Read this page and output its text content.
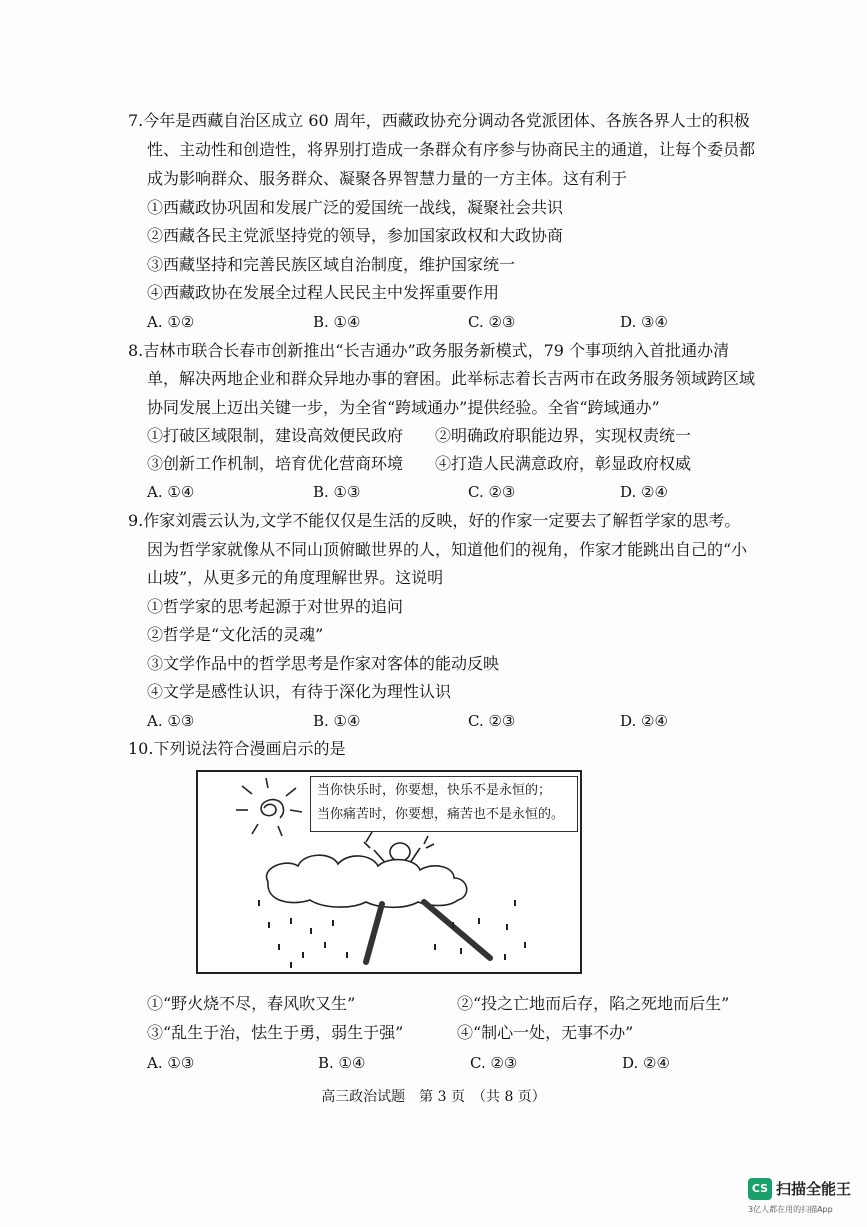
7.今年是西藏自治区成立 60 周年，西藏政协充分调动各党派团体、各族各界人士的积极
性、主动性和创造性，将界别打造成一条群众有序参与协商民主的通道，让每个委员都
成为影响群众、服务群众、凝聚各界智慧力量的一方主体。这有利于
①西藏政协巩固和发展广泛的爱国统一战线，凝聚社会共识
②西藏各民主党派坚持党的领导，参加国家政权和大政协商
③西藏坚持和完善民族区域自治制度，维护国家统一
④西藏政协在发展全过程人民民主中发挥重要作用
A. ①②	B. ①④	C. ②③	D. ③④
8.吉林市联合长春市创新推出“长吉通办”政务服务新模式，79 个事项纳入首批通办清
单，解决两地企业和群众异地办事的窘困。此举标志着长吉两市在政务服务领域跨区域
协同发展上迈出关键一步，为全省“跨域通办”提供经验。全省“跨域通办”
①打破区域限制，建设高效便民政府　　②明确政府职能边界，实现权责统一
③创新工作机制，培育优化营商环境　　④打造人民满意政府，彰显政府权威
A. ①④	B. ①③	C. ②③	D. ②④
9.作家刘震云认为,文学不能仅仅是生活的反映，好的作家一定要去了解哲学家的思考。
因为哲学家就像从不同山顶俯瞰世界的人，知道他们的视角，作家才能跳出自己的“小
山坡”，从更多元的角度理解世界。这说明
①哲学家的思考起源于对世界的追问
②哲学是“文化活的灵魂”
③文学作品中的哲学思考是作家对客体的能动反映
④文学是感性认识，有待于深化为理性认识
A. ①③	B. ①④	C. ②③	D. ②④
10.下列说法符合漫画启示的是
当你快乐时，你要想，快乐不是永恒的；
当你痛苦时，你要想，痛苦也不是永恒的。
①“野火烧不尽，春风吹又生”	②“投之亡地而后存，陷之死地而后生”
③“乱生于治，怯生于勇，弱生于强”	④“制心一处，无事不办”
A. ①③	B. ①④	C. ②③	D. ②④
高三政治试题　第 3 页　（共 8 页）
CS 扫描全能王
3亿人都在用的扫描App
